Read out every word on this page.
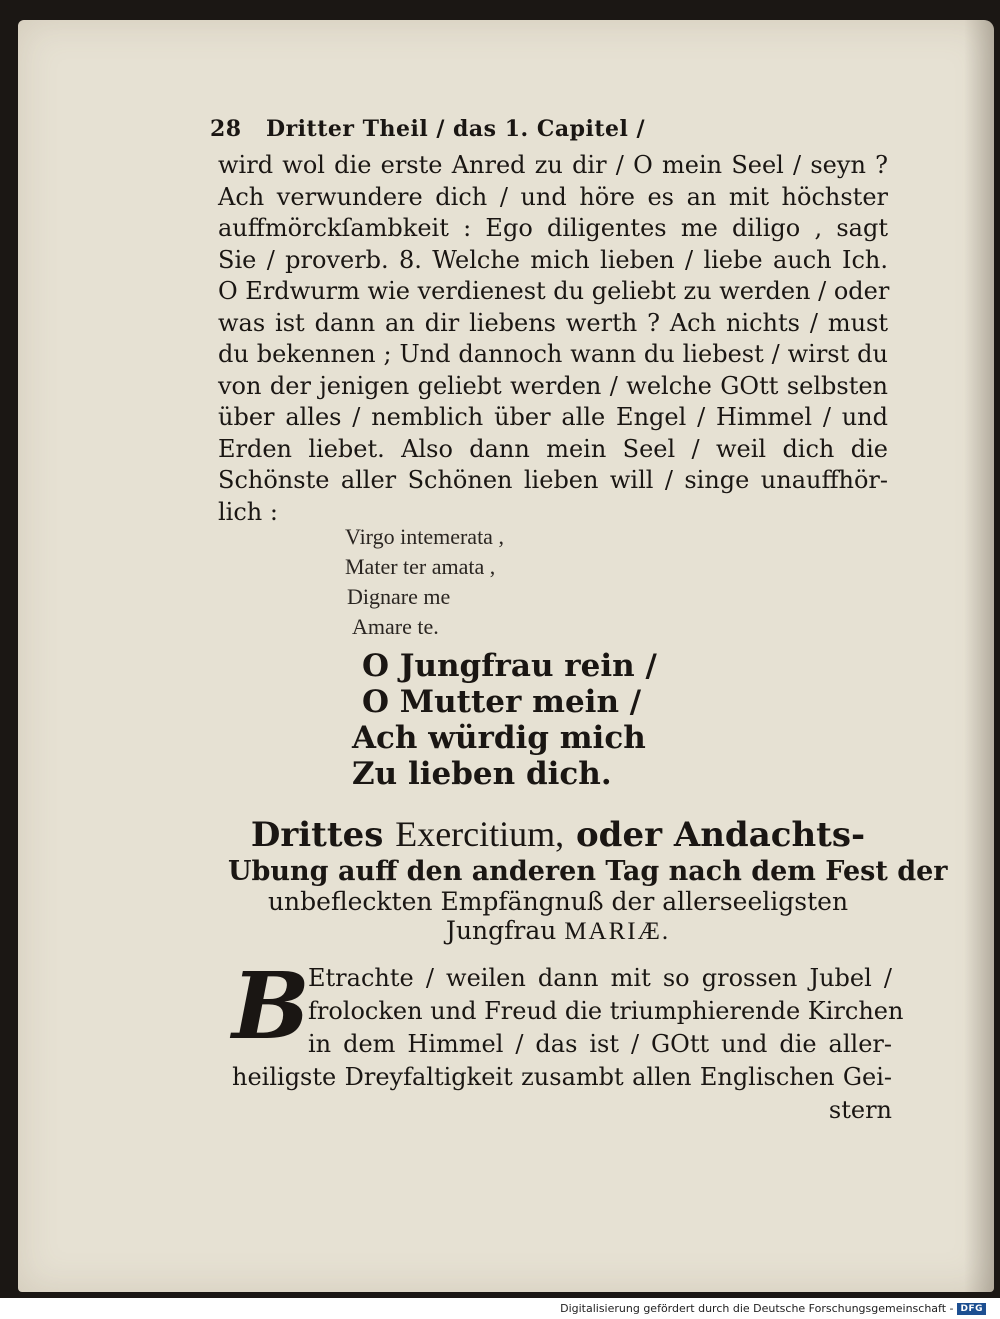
28 Dritter Theil / das 1. Capitel /
wird wol die erste Anred zu dir / O mein Seel / seyn ?
Ach verwundere dich / und höre es an mit höchster
auffmörckſambkeit : Ego diligentes me diligo , sagt
Sie / proverb. 8. Welche mich lieben / liebe auch Ich.
O Erdwurm wie verdienest du geliebt zu werden / oder
was ist dann an dir liebens werth ? Ach nichts / must
du bekennen ; Und dannoch wann du liebest / wirst du
von der jenigen geliebt werden / welche GOtt selbsten
über alles / nemblich über alle Engel / Himmel / und
Erden liebet. Also dann mein Seel / weil dich die
Schönste aller Schönen lieben will / singe unauffhör-
lich :
Virgo intemerata ,
Mater ter amata ,
Dignare me
Amare te.
O Jungfrau rein /
O Mutter mein /
Ach würdig mich
Zu lieben dich.
Drittes Exercitium, oder Andachts-
Ubung auff den anderen Tag nach dem Fest der
unbefleckten Empfängnuß der allerseeligsten
Jungfrau MARIÆ.
B
Etrachte / weilen dann mit so grossen Jubel /
frolocken und Freud die triumphierende Kirchen
in dem Himmel / das ist / GOtt und die aller-
heiligste Dreyfaltigkeit zusambt allen Englischen Gei-
stern
Digitalisierung gefördert durch die Deutsche Forschungsgemeinschaft - DFG
